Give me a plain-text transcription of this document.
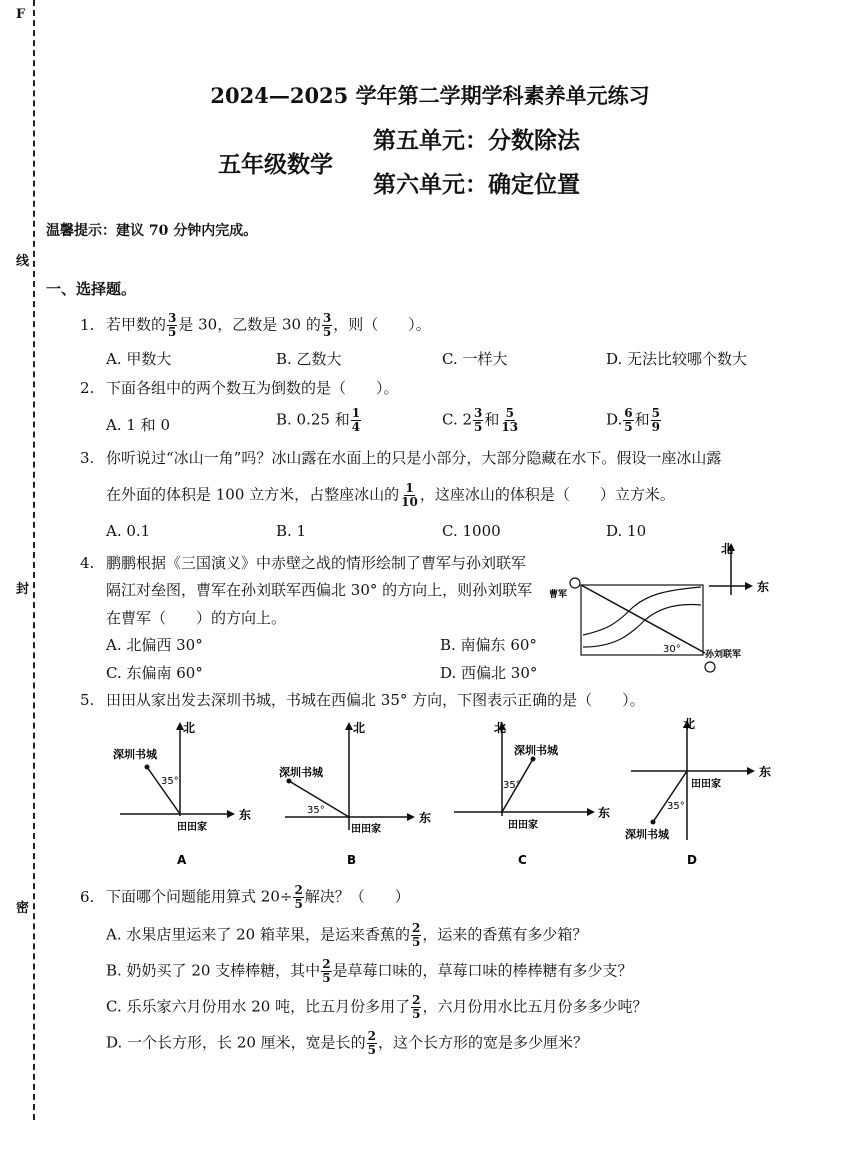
F
线
封
密
2024—2025 学年第二学期学科素养单元练习
五年级数学
第五单元：分数除法
第六单元：确定位置
温馨提示：建议 70 分钟内完成。
一、选择题。
1. 若甲数的 $\frac{3}{5}$ 是 30，乙数是 30 的 $\frac{3}{5}$ ，则（　　）。
A. 甲数大	B. 乙数大	C. 一样大	D. 无法比较哪个数大
2. 下面各组中的两个数互为倒数的是（　　）。
A. 1 和 0	B. 0.25 和 $\frac{1}{4}$	C. $2 \frac{3}{5}$ 和 $\frac{5}{13}$	D. $\frac{6}{5}$ 和 $\frac{5}{9}$
3. 你听说过“冰山一角”吗？冰山露在水面上的只是小部分，大部分隐藏在水下。假设一座冰山露
在外面的体积是 100 立方米，占整座冰山的 $\frac{1}{10}$ ，这座冰山的体积是（　　）立方米。
A. 0.1	B. 1	C. 1000	D. 10
4. 鹏鹏根据《三国演义》中赤壁之战的情形绘制了曹军与孙刘联军
隔江对垒图，曹军在孙刘联军西偏北 30° 的方向上，则孙刘联军
在曹军（　　）的方向上。
A. 北偏西 30°	B. 南偏东 60°
C. 东偏南 60°	D. 西偏北 30°
北
东
曹军
孙刘联军
30°
5. 田田从家出发去深圳书城，书城在西偏北 35° 方向，下图表示正确的是（　　）。
北
东
深圳书城
35°
田田家
A
北
东
深圳书城
35°
田田家
B
北
东
深圳书城
35°
田田家
C
北
东
田田家
35°
深圳书城
D
6. 下面哪个问题能用算式 $20\div \frac{2}{5}$ 解决？（　　）
A. 水果店里运来了 20 箱苹果，是运来香蕉的 $\frac{2}{5}$ ，运来的香蕉有多少箱？
B. 奶奶买了 20 支棒棒糖，其中 $\frac{2}{5}$ 是草莓口味的，草莓口味的棒棒糖有多少支？
C. 乐乐家六月份用水 20 吨，比五月份多用了 $\frac{2}{5}$ ，六月份用水比五月份多多少吨？
D. 一个长方形，长 20 厘米，宽是长的 $\frac{2}{5}$ ，这个长方形的宽是多少厘米？
